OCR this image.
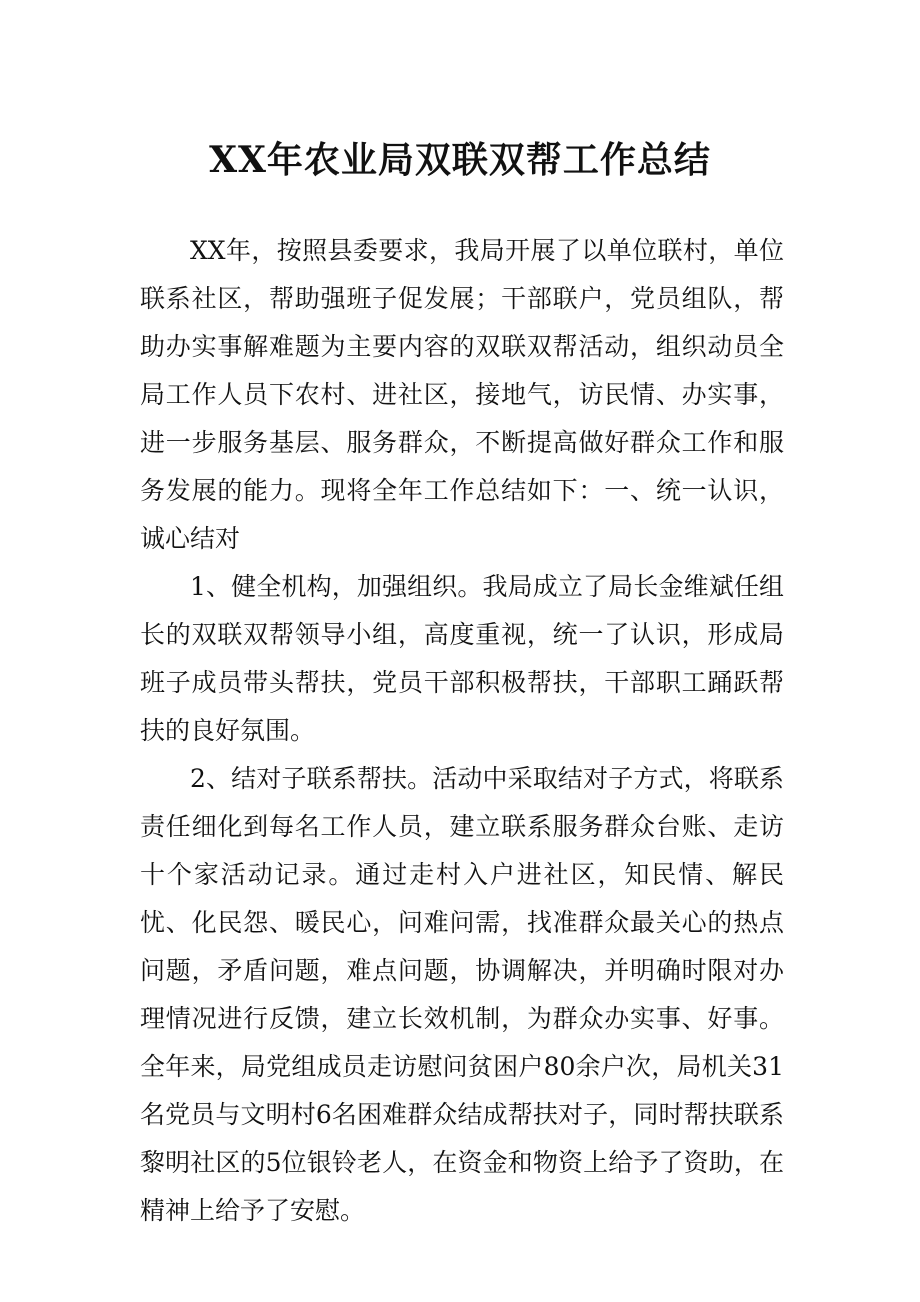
XX年农业局双联双帮工作总结

XX年，按照县委要求，我局开展了以单位联村，单位联系社区，帮助强班子促发展；干部联户，党员组队，帮助办实事解难题为主要内容的双联双帮活动，组织动员全局工作人员下农村、进社区，接地气，访民情、办实事，进一步服务基层、服务群众，不断提高做好群众工作和服务发展的能力。现将全年工作总结如下：一、统一认识，诚心结对

1、健全机构，加强组织。我局成立了局长金维斌任组长的双联双帮领导小组，高度重视，统一了认识，形成局班子成员带头帮扶，党员干部积极帮扶，干部职工踊跃帮扶的良好氛围。

2、结对子联系帮扶。活动中采取结对子方式，将联系责任细化到每名工作人员，建立联系服务群众台账、走访十个家活动记录。通过走村入户进社区，知民情、解民忧、化民怨、暖民心，问难问需，找准群众最关心的热点问题，矛盾问题，难点问题，协调解决，并明确时限对办理情况进行反馈，建立长效机制，为群众办实事、好事。全年来，局党组成员走访慰问贫困户80余户次，局机关31名党员与文明村6名困难群众结成帮扶对子，同时帮扶联系黎明社区的5位银铃老人，在资金和物资上给予了资助，在精神上给予了安慰。
